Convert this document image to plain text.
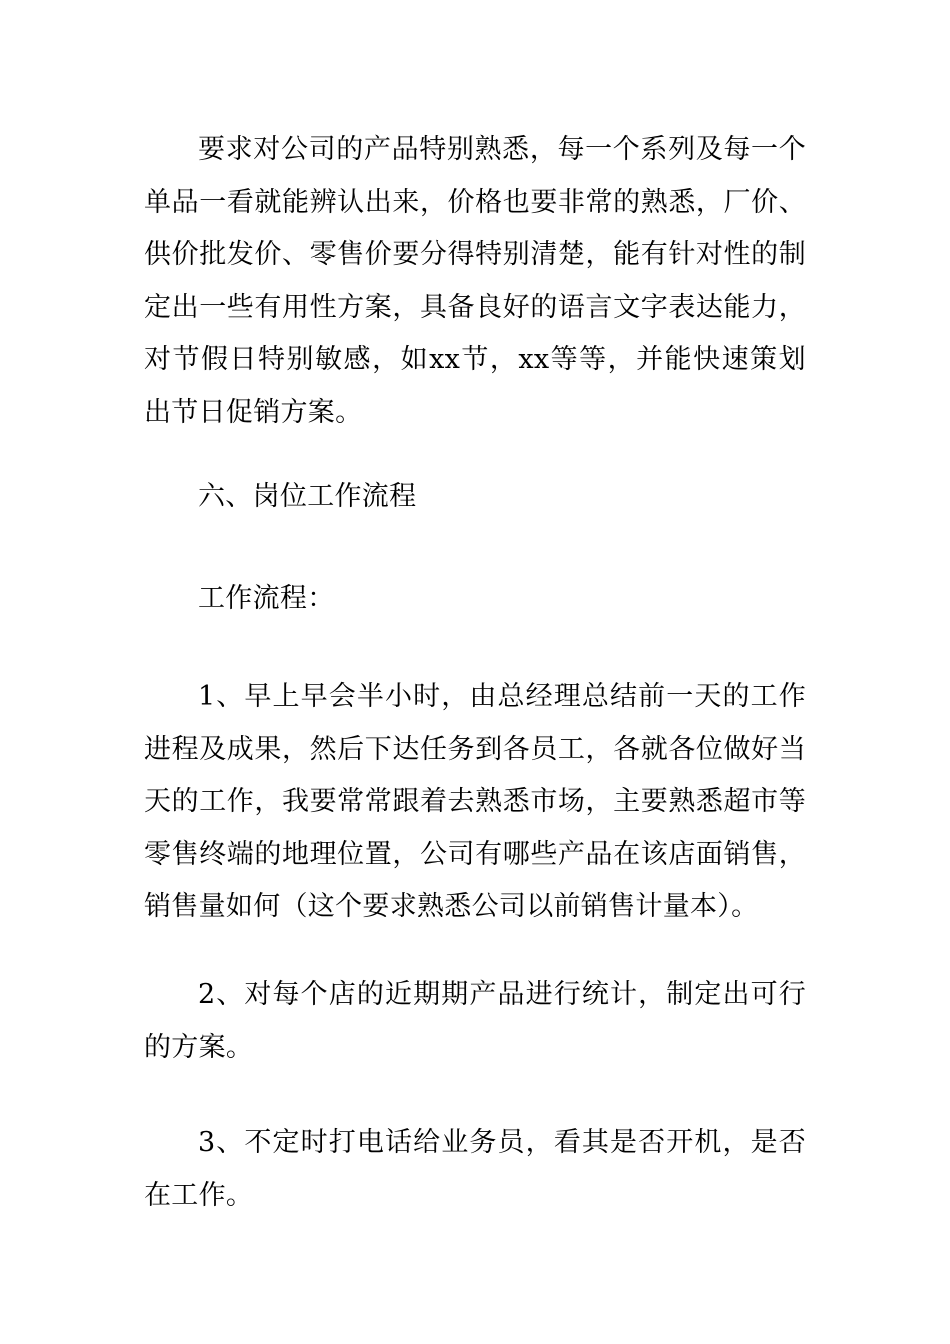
要求对公司的产品特别熟悉，每一个系列及每一个单品一看就能辨认出来，价格也要非常的熟悉，厂价、供价批发价、零售价要分得特别清楚，能有针对性的制定出一些有用性方案，具备良好的语言文字表达能力，对节假日特别敏感，如xx节，xx等等，并能快速策划出节日促销方案。

六、岗位工作流程

工作流程：

1、早上早会半小时，由总经理总结前一天的工作进程及成果，然后下达任务到各员工，各就各位做好当天的工作，我要常常跟着去熟悉市场，主要熟悉超市等零售终端的地理位置，公司有哪些产品在该店面销售，销售量如何（这个要求熟悉公司以前销售计量本）。

2、对每个店的近期期产品进行统计，制定出可行的方案。

3、不定时打电话给业务员，看其是否开机，是否在工作。
